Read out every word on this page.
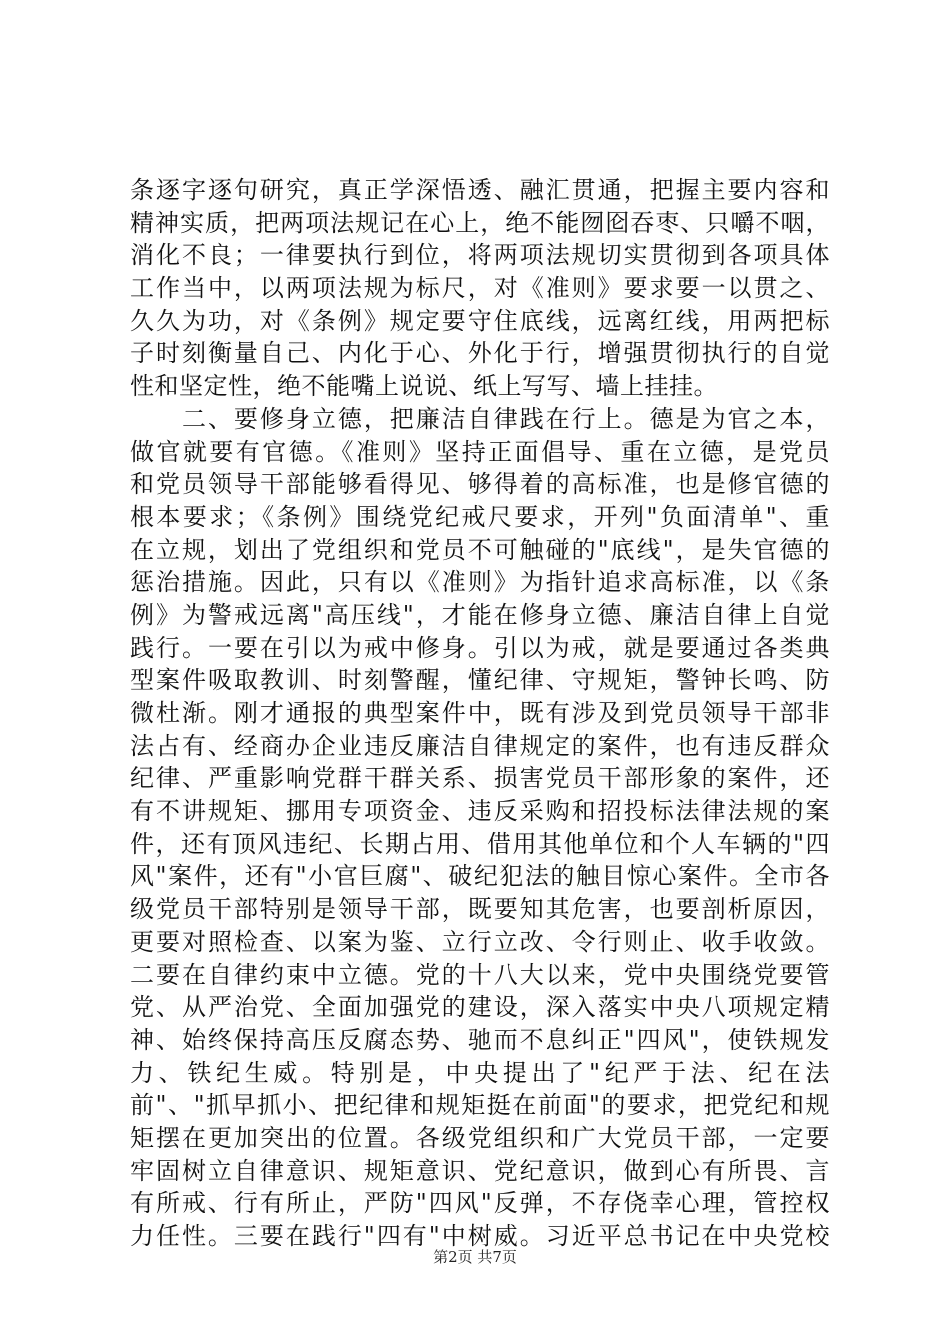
条逐字逐句研究，真正学深悟透、融汇贯通，把握主要内容和
精神实质，把两项法规记在心上，绝不能囫囵吞枣、只嚼不咽，
消化不良；一律要执行到位，将两项法规切实贯彻到各项具体
工作当中，以两项法规为标尺，对《准则》要求要一以贯之、
久久为功，对《条例》规定要守住底线，远离红线，用两把标
子时刻衡量自己、内化于心、外化于行，增强贯彻执行的自觉
性和坚定性，绝不能嘴上说说、纸上写写、墙上挂挂。
　　二、要修身立德，把廉洁自律践在行上。德是为官之本，
做官就要有官德。《准则》坚持正面倡导、重在立德，是党员
和党员领导干部能够看得见、够得着的高标准，也是修官德的
根本要求；《条例》围绕党纪戒尺要求，开列"负面清单"、重
在立规，划出了党组织和党员不可触碰的"底线"，是失官德的
惩治措施。因此，只有以《准则》为指针追求高标准，以《条
例》为警戒远离"高压线"，才能在修身立德、廉洁自律上自觉
践行。一要在引以为戒中修身。引以为戒，就是要通过各类典
型案件吸取教训、时刻警醒，懂纪律、守规矩，警钟长鸣、防
微杜渐。刚才通报的典型案件中，既有涉及到党员领导干部非
法占有、经商办企业违反廉洁自律规定的案件，也有违反群众
纪律、严重影响党群干群关系、损害党员干部形象的案件，还
有不讲规矩、挪用专项资金、违反采购和招投标法律法规的案
件，还有顶风违纪、长期占用、借用其他单位和个人车辆的"四
风"案件，还有"小官巨腐"、破纪犯法的触目惊心案件。全市各
级党员干部特别是领导干部，既要知其危害，也要剖析原因，
更要对照检查、以案为鉴、立行立改、令行则止、收手收敛。
二要在自律约束中立德。党的十八大以来，党中央围绕党要管
党、从严治党、全面加强党的建设，深入落实中央八项规定精
神、始终保持高压反腐态势、驰而不息纠正"四风"，使铁规发
力、铁纪生威。特别是，中央提出了"纪严于法、纪在法
前"、"抓早抓小、把纪律和规矩挺在前面"的要求，把党纪和规
矩摆在更加突出的位置。各级党组织和广大党员干部，一定要
牢固树立自律意识、规矩意识、党纪意识，做到心有所畏、言
有所戒、行有所止，严防"四风"反弹，不存侥幸心理，管控权
力任性。三要在践行"四有"中树威。习近平总书记在中央党校
第2页 共7页
